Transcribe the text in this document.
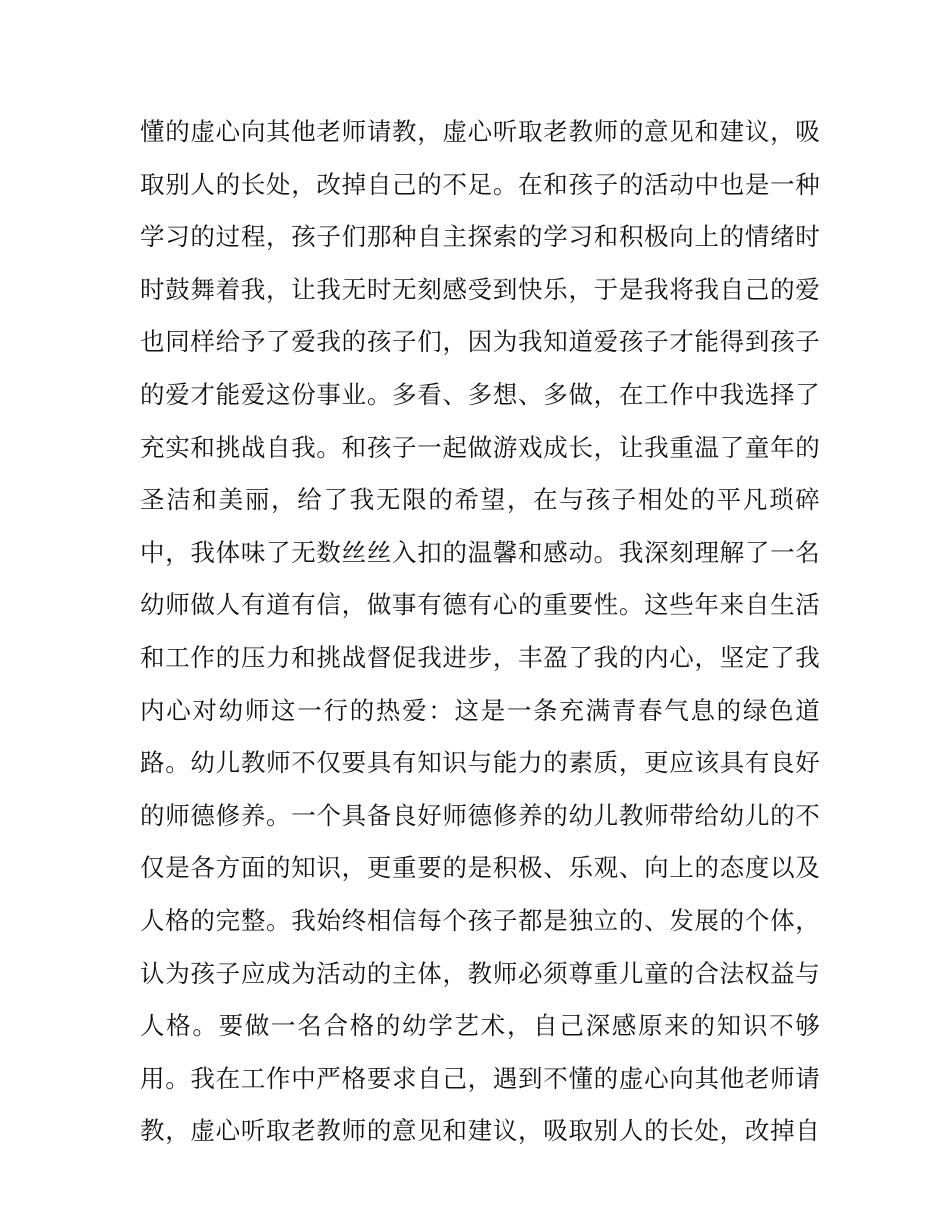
懂的虚心向其他老师请教，虚心听取老教师的意见和建议，吸
取别人的长处，改掉自己的不足。在和孩子的活动中也是一种
学习的过程，孩子们那种自主探索的学习和积极向上的情绪时
时鼓舞着我，让我无时无刻感受到快乐，于是我将我自己的爱
也同样给予了爱我的孩子们，因为我知道爱孩子才能得到孩子
的爱才能爱这份事业。多看、多想、多做，在工作中我选择了
充实和挑战自我。和孩子一起做游戏成长，让我重温了童年的
圣洁和美丽，给了我无限的希望，在与孩子相处的平凡琐碎
中，我体味了无数丝丝入扣的温馨和感动。我深刻理解了一名
幼师做人有道有信，做事有德有心的重要性。这些年来自生活
和工作的压力和挑战督促我进步，丰盈了我的内心，坚定了我
内心对幼师这一行的热爱：这是一条充满青春气息的绿色道
路。幼儿教师不仅要具有知识与能力的素质，更应该具有良好
的师德修养。一个具备良好师德修养的幼儿教师带给幼儿的不
仅是各方面的知识，更重要的是积极、乐观、向上的态度以及
人格的完整。我始终相信每个孩子都是独立的、发展的个体，
认为孩子应成为活动的主体，教师必须尊重儿童的合法权益与
人格。要做一名合格的幼学艺术，自己深感原来的知识不够
用。我在工作中严格要求自己，遇到不懂的虚心向其他老师请
教，虚心听取老教师的意见和建议，吸取别人的长处，改掉自
